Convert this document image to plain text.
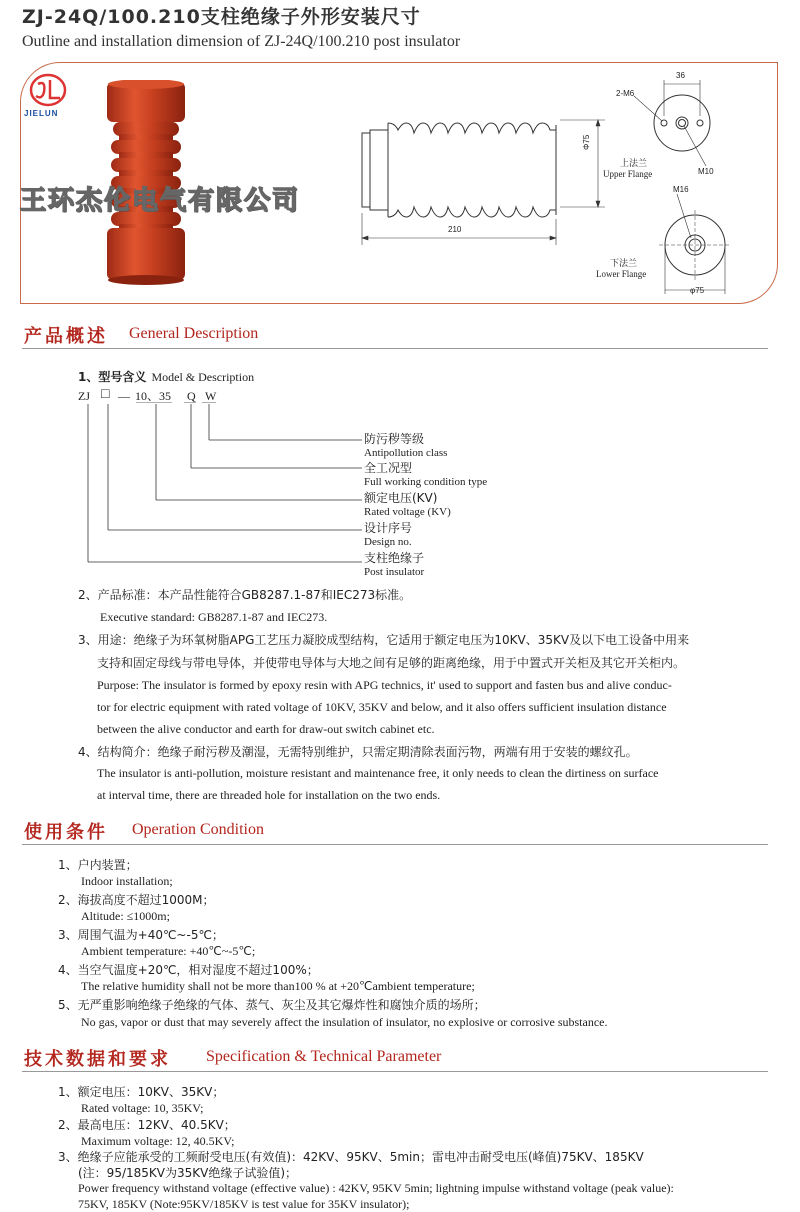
ZJ-24Q/100.210支柱绝缘子外形安装尺寸
Outline and installation dimension of ZJ-24Q/100.210 post insulator
JIELUN
王环杰伦电气有限公司
210
Φ75
36
2-M6
M10
上法兰
Upper Flange
M16
φ75
下法兰
Lower Flange
产品概述 General Description
1、型号含义 Model & Description
ZJ □ — 10、35 Q W
防污秽等级
Antipollution class
全工况型
Full working condition type
额定电压(KV)
Rated voltage (KV)
设计序号
Design no.
支柱绝缘子
Post insulator
2、产品标准：本产品性能符合GB8287.1-87和IEC273标准。
Executive standard: GB8287.1-87 and IEC273.
3、用途：绝缘子为环氧树脂APG工艺压力凝胶成型结构，它适用于额定电压为10KV、35KV及以下电工设备中用来
支持和固定母线与带电导体，并使带电导体与大地之间有足够的距离绝缘，用于中置式开关柜及其它开关柜内。
Purpose: The insulator is formed by epoxy resin with APG technics, it' used to support and fasten bus and alive conduc-
tor for electric equipment with rated voltage of 10KV, 35KV and below, and it also offers sufficient insulation distance
between the alive conductor and earth for draw-out switch cabinet etc.
4、结构简介：绝缘子耐污秽及潮湿，无需特别维护，只需定期清除表面污物，两端有用于安装的螺纹孔。
The insulator is anti-pollution, moisture resistant and maintenance free, it only needs to clean the dirtiness on surface
at interval time, there are threaded hole for installation on the two ends.
使用条件 Operation Condition
1、户内装置；
Indoor installation;
2、海拔高度不超过1000M；
Altitude: ≤1000m;
3、周围气温为+40℃~-5℃；
Ambient temperature: +40℃~-5℃;
4、当空气温度+20℃，相对湿度不超过100%；
The relative humidity shall not be more than100 % at +20℃ambient temperature;
5、无严重影响绝缘子绝缘的气体、蒸气、灰尘及其它爆炸性和腐蚀介质的场所；
No gas, vapor or dust that may severely affect the insulation of insulator, no explosive or corrosive substance.
技术数据和要求 Specification & Technical Parameter
1、额定电压：10KV、35KV；
Rated voltage: 10, 35KV;
2、最高电压：12KV、40.5KV；
Maximum voltage: 12, 40.5KV;
3、绝缘子应能承受的工频耐受电压(有效值)：42KV、95KV、5min；雷电冲击耐受电压(峰值)75KV、185KV
(注：95/185KV为35KV绝缘子试验值)；
Power frequency withstand voltage (effective value) : 42KV, 95KV 5min; lightning impulse withstand voltage (peak value):
75KV, 185KV (Note:95KV/185KV is test value for 35KV insulator);
